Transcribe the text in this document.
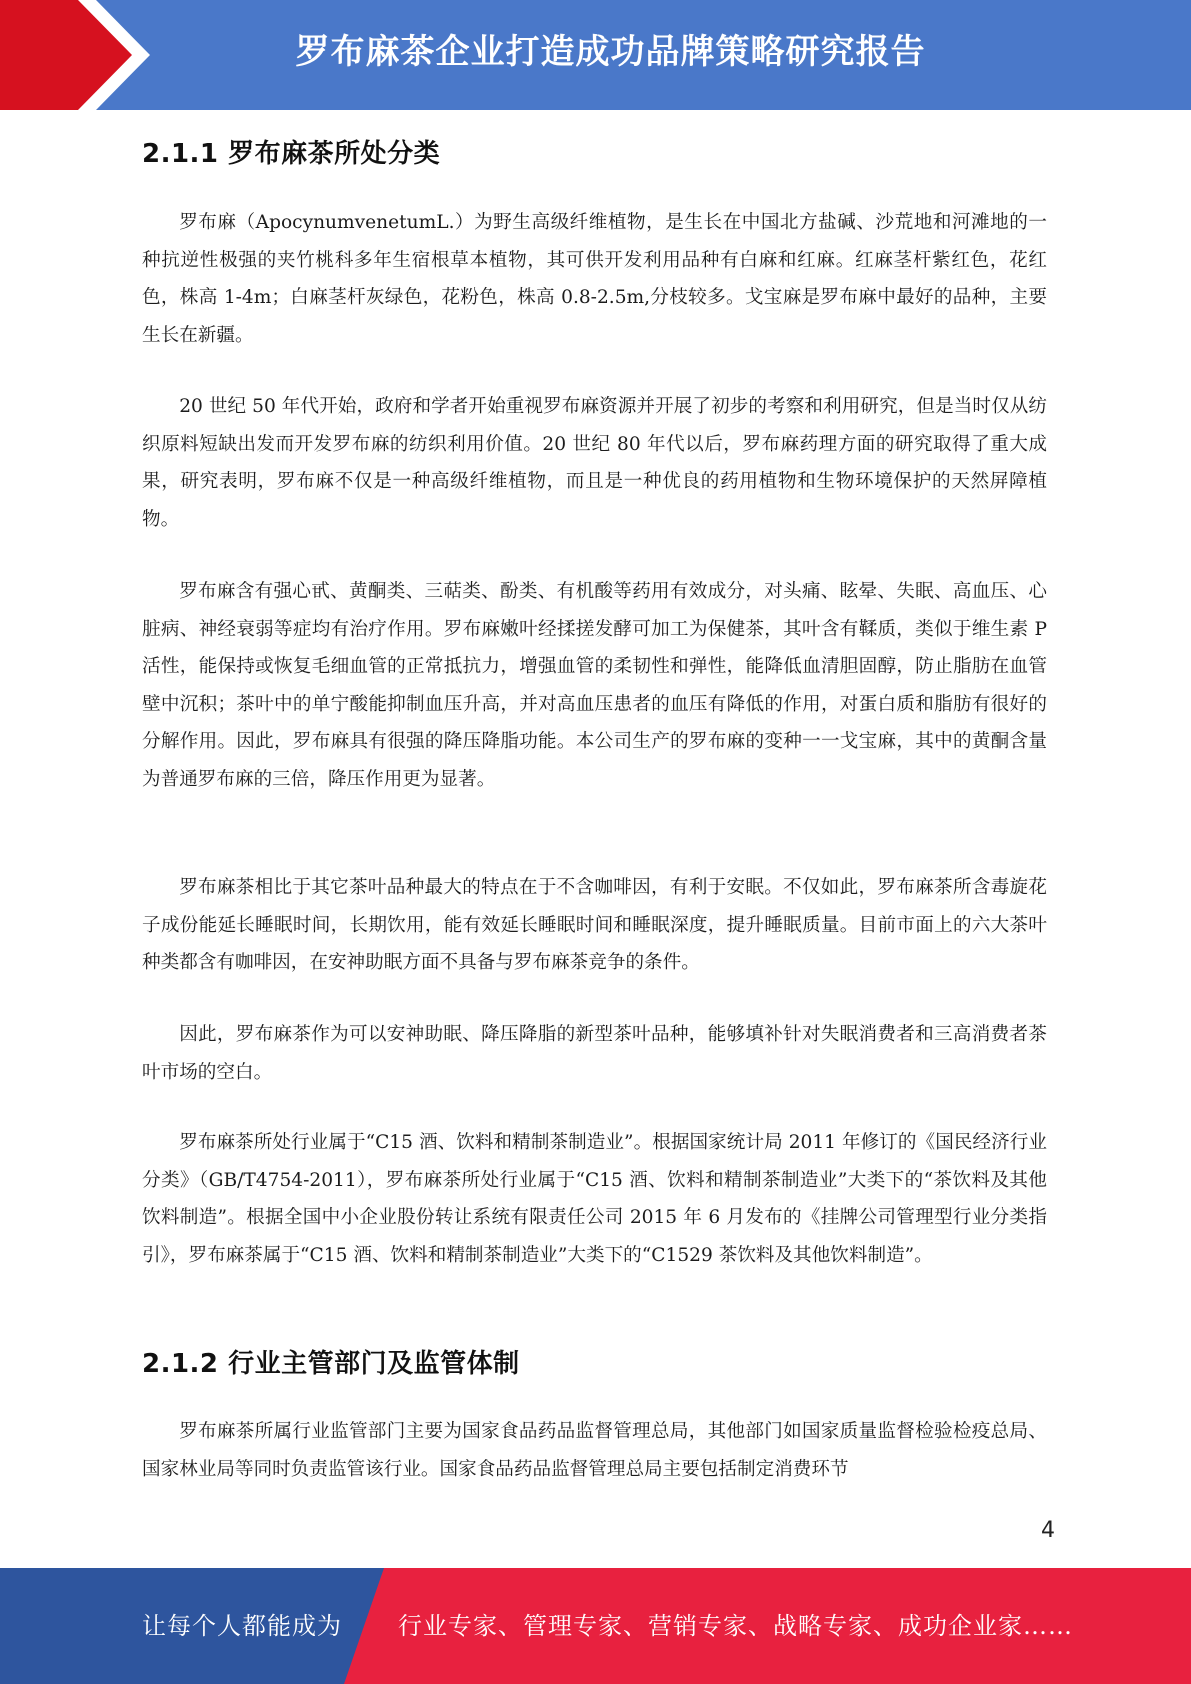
罗布麻茶企业打造成功品牌策略研究报告
2.1.1 罗布麻茶所处分类

罗布麻（ApocynumvenetumL.）为野生高级纤维植物，是生长在中国北方盐碱、沙荒地和河滩地的一种抗逆性极强的夹竹桃科多年生宿根草本植物，其可供开发利用品种有白麻和红麻。红麻茎杆紫红色，花红色，株高 1-4m；白麻茎杆灰绿色，花粉色，株高 0.8-2.5m,分枝较多。戈宝麻是罗布麻中最好的品种，主要生长在新疆。

20 世纪 50 年代开始，政府和学者开始重视罗布麻资源并开展了初步的考察和利用研究，但是当时仅从纺织原料短缺出发而开发罗布麻的纺织利用价值。20 世纪 80 年代以后，罗布麻药理方面的研究取得了重大成果，研究表明，罗布麻不仅是一种高级纤维植物，而且是一种优良的药用植物和生物环境保护的天然屏障植物。

罗布麻含有强心甙、黄酮类、三萜类、酚类、有机酸等药用有效成分，对头痛、眩晕、失眠、高血压、心脏病、神经衰弱等症均有治疗作用。罗布麻嫩叶经揉搓发酵可加工为保健茶，其叶含有鞣质，类似于维生素 P 活性，能保持或恢复毛细血管的正常抵抗力，增强血管的柔韧性和弹性，能降低血清胆固醇，防止脂肪在血管壁中沉积；茶叶中的单宁酸能抑制血压升高，并对高血压患者的血压有降低的作用，对蛋白质和脂肪有很好的分解作用。因此，罗布麻具有很强的降压降脂功能。本公司生产的罗布麻的变种一一戈宝麻，其中的黄酮含量为普通罗布麻的三倍，降压作用更为显著。

罗布麻茶相比于其它茶叶品种最大的特点在于不含咖啡因，有利于安眠。不仅如此，罗布麻茶所含毒旋花子成份能延长睡眠时间，长期饮用，能有效延长睡眠时间和睡眠深度，提升睡眠质量。目前市面上的六大茶叶种类都含有咖啡因，在安神助眠方面不具备与罗布麻茶竞争的条件。

因此，罗布麻茶作为可以安神助眠、降压降脂的新型茶叶品种，能够填补针对失眠消费者和三高消费者茶叶市场的空白。

罗布麻茶所处行业属于“C15 酒、饮料和精制茶制造业”。根据国家统计局 2011 年修订的《国民经济行业分类》（GB/T4754-2011），罗布麻茶所处行业属于“C15 酒、饮料和精制茶制造业”大类下的“茶饮料及其他饮料制造”。根据全国中小企业股份转让系统有限责任公司 2015 年 6 月发布的《挂牌公司管理型行业分类指引》，罗布麻茶属于“C15 酒、饮料和精制茶制造业”大类下的“C1529 茶饮料及其他饮料制造”。

2.1.2 行业主管部门及监管体制

罗布麻茶所属行业监管部门主要为国家食品药品监督管理总局，其他部门如国家质量监督检验检疫总局、国家林业局等同时负责监管该行业。国家食品药品监督管理总局主要包括制定消费环节

4
让每个人都能成为 行业专家、管理专家、营销专家、战略专家、成功企业家……
